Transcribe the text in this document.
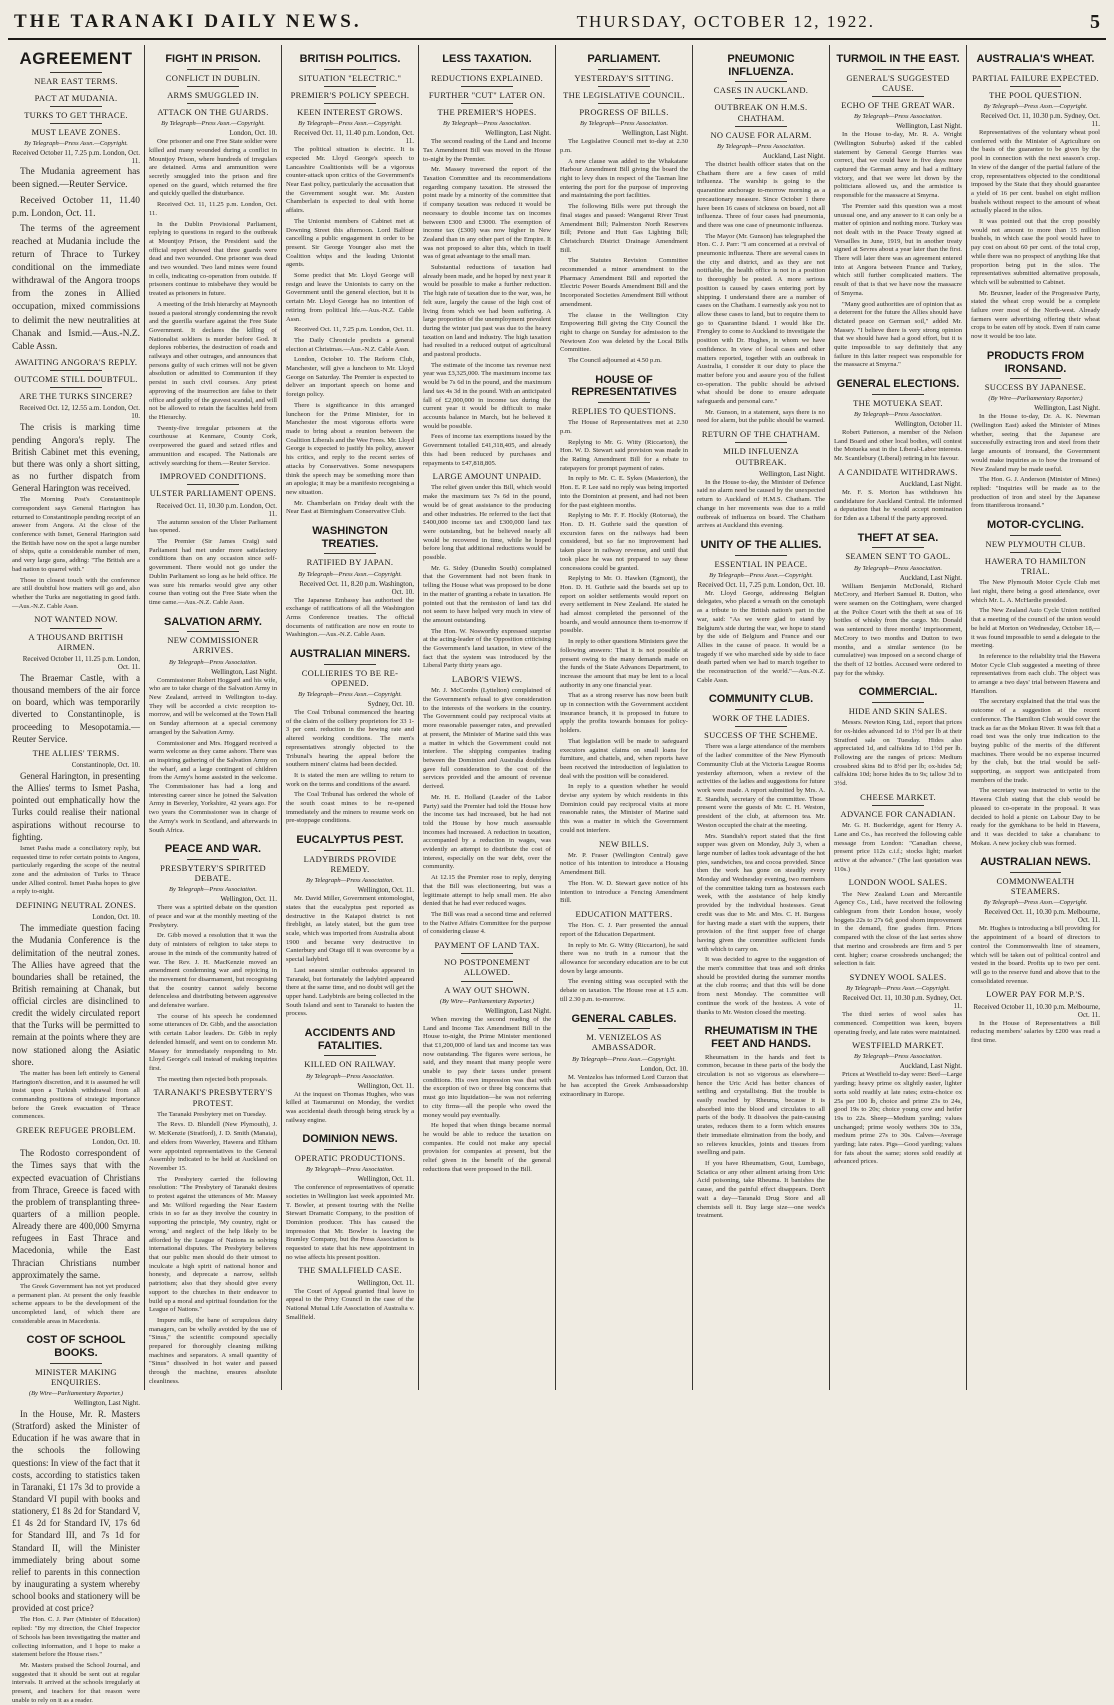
THE TARANAKI DAILY NEWS.	THURSDAY, OCTOBER 12, 1922.	5
AGREEMENT
NEAR EAST TERMS.
PACT AT MUDANIA.
TURKS TO GET THRACE.
MUST LEAVE ZONES.
By Telegraph—Press Assn.—Copyright.
Received October 11, 7.25 p.m. London, Oct. 11.

The Mudania agreement has been signed.—Reuter Service.

Received October 11, 11.40 p.m. London, Oct. 11.

The terms of the agreement reached at Mudania include the return of Thrace to Turkey conditional on the immediate withdrawal of the Angora troops from the zones in Allied occupation, mixed commissions to delimit the new neutralities at Chanak and Ismid.—Aus.-N.Z. Cable Assn.

AWAITING ANGORA'S REPLY.
OUTCOME STILL DOUBTFUL.
ARE THE TURKS SINCERE?
Received Oct. 12, 12.55 a.m. London, Oct. 10.

The crisis is marking time pending Angora's reply. The British Cabinet met this evening, but there was only a short sitting, as no further dispatch from General Harington was received.

The Morning Post's Constantinople correspondent says General Harington has returned to Constantinople pending receipt of an answer from Angora. At the close of the conference with Ismet, General Harington said the British have now on the spot a large number of ships, quite a considerable number of men, and very large guns, adding: "The British are a bad nation to quarrel with."

Those in closest touch with the conference are still doubtful how matters will go and, also whether the Turks are negotiating in good faith.—Aus.-N.Z. Cable Assn.

NOT WANTED NOW.
A THOUSAND BRITISH AIRMEN.
Received October 11, 11.25 p.m. London, Oct. 11.

The Braemar Castle, with a thousand members of the air force on board, which was temporarily diverted to Constantinople, is proceeding to Mesopotamia.—Reuter Service.

THE ALLIES' TERMS.
Constantinople, Oct. 10.

General Harington, in presenting the Allies' terms to Ismet Pasha, pointed out emphatically how the Turks could realise their national aspirations without recourse to fighting.

Ismet Pasha made a conciliatory reply, but requested time to refer certain points to Angora, particularly regarding the scope of the neutral zone and the admission of Turks to Thrace under Allied control. Ismet Pasha hopes to give a reply to-night.

DEFINING NEUTRAL ZONES.
London, Oct. 10.

The immediate question facing the Mudania Conference is the delimitation of the neutral zones. The Allies have agreed that the boundaries shall be retained, the British remaining at Chanak, but official circles are disinclined to credit the widely circulated report that the Turks will be permitted to remain at the points where they are now stationed along the Asiatic shore.

The matter has been left entirely to General Harington's discretion, and it is assumed he will insist upon a Turkish withdrawal from all commanding positions of strategic importance before the Greek evacuation of Thrace commences.

GREEK REFUGEE PROBLEM.
London, Oct. 10.

The Rodosto correspondent of the Times says that with the expected evacuation of Christians from Thrace, Greece is faced with the problem of transplanting three-quarters of a million people. Already there are 400,000 Smyrna refugees in East Thrace and Macedonia, while the East Thracian Christians number approximately the same.

The Greek Government has not yet produced a permanent plan. At present the only feasible scheme appears to be the development of the uncompleted land, of which there are considerable areas in Macedonia.

COST OF SCHOOL BOOKS.
MINISTER MAKING ENQUIRIES.
(By Wire—Parliamentary Reporter.)
Wellington, Last Night.

In the House, Mr. R. Masters (Stratford) asked the Minister of Education if he was aware that in the schools the following questions: In view of the fact that it costs, according to statistics taken in Taranaki, £1 17s 3d to provide a Standard VI pupil with books and stationery, £1 8s 2d for Standard V, £1 4s 2d for Standard IV, 17s 6d for Standard III, and 7s 1d for Standard II, will the Minister immediately bring about some relief to parents in this connection by inaugurating a system whereby school books and stationery will be provided at cost price?

The Hon. C. J. Parr (Minister of Education) replied: "By my direction, the Chief Inspector of Schools has been investigating the matter and collecting information, and I hope to make a statement before the House rises."

Mr. Masters praised the School Journal, and suggested that it should be sent out at regular intervals. It arrived at the schools irregularly at present, and teachers for that reason were unable to rely on it as a reader.

FIGHT IN PRISON.
CONFLICT IN DUBLIN.
ARMS SMUGGLED IN.
ATTACK ON THE GUARDS.
By Telegraph—Press Assn.—Copyright.
London, Oct. 10.

One prisoner and one Free State soldier were killed and many wounded during a conflict in Mountjoy Prison, where hundreds of irregulars are detained. Arms and ammunition were secretly smuggled into the prison and fire opened on the guard, which returned the fire and quickly quelled the disturbance.

Received Oct. 11, 11.25 p.m. London, Oct. 11.

In the Dublin Provisional Parliament, replying to questions in regard to the outbreak at Mountjoy Prison, the President said the official report showed that three guards were dead and two wounded. One prisoner was dead and two wounded. Two land mines were found in cells, indicating co-operation from outside. If prisoners continue to misbehave they would be treated as prisoners in future.

A meeting of the Irish hierarchy at Maynooth issued a pastoral strongly condemning the revolt and the guerilla warfare against the Free State Government. It declares the killing of Nationalist soldiers is murder before God. It deplores robberies, the destruction of roads and railways and other outrages, and announces that persons guilty of such crimes will not be given absolution or admitted to Communion if they persist in such civil courses. Any priest approving of the insurrection are false to their office and guilty of the gravest scandal, and will not be allowed to retain the faculties held from the Hierarchy.

Twenty-five irregular prisoners at the courthouse at Kenmare, County Cork, overpowered the guard and seized rifles and ammunition and escaped. The Nationals are actively searching for them.—Reuter Service.

IMPROVED CONDITIONS.
ULSTER PARLIAMENT OPENS.
Received Oct. 11, 10.30 p.m. London, Oct. 11.

The autumn session of the Ulster Parliament has opened.

The Premier (Sir James Craig) said Parliament had met under more satisfactory conditions than on any occasion since self-government. There would not go under the Dublin Parliament so long as he held office. He was sure his remarks would give any other course than voting out the Free State when the time came.—Aus.-N.Z. Cable Assn.

SALVATION ARMY.
NEW COMMISSIONER ARRIVES.
By Telegraph—Press Association.
Wellington, Last Night.

Commissioner Robert Hoggard and his wife, who are to take charge of the Salvation Army in New Zealand, arrived in Wellington to-day. They will be accorded a civic reception to-morrow, and will be welcomed at the Town Hall on Sunday afternoon at a special ceremony arranged by the Salvation Army.

Commissioner and Mrs. Hoggard received a warm welcome as they came ashore. There was an inspiring gathering of the Salvation Army on the wharf, and a large contingent of children from the Army's home assisted in the welcome. The Commissioner has had a long and interesting career since he joined the Salvation Army in Beverley, Yorkshire, 42 years ago. For two years the Commissioner was in charge of the Army's work in Scotland, and afterwards in South Africa.

PEACE AND WAR.
PRESBYTERY'S SPIRITED DEBATE.
By Telegraph—Press Association.
Wellington, Oct. 11.

There was a spirited debate on the question of peace and war at the monthly meeting of the Presbytery.

Dr. Gibb moved a resolution that it was the duty of ministers of religion to take steps to arouse in the minds of the community hatred of war. The Rev. J. H. MacKenzie moved an amendment condemning war and rejoicing in the movement for disarmament, but recognising that the country cannot safely become defenceless and distributing between aggressive and defensive warfare.

The course of his speech he condemned some utterances of Dr. Gibb, and the association with certain Labor leaders. Dr. Gibb in reply defended himself, and went on to condemn Mr. Massey for immediately responding to Mr. Lloyd George's call instead of making inquiries first.

The meeting then rejected both proposals.

TARANAKI'S PRESBYTERY'S PROTEST.

The Taranaki Presbytery met on Tuesday.

The Revs. D. Blundell (New Plymouth), J. W. McKenzie (Stratford), J. D. Smith (Manaia), and elders from Waverley, Hawera and Eltham were appointed representatives to the General Assembly indicated to be held at Auckland on November 15.

The Presbytery carried the following resolution: "The Presbytery of Taranaki desires to protest against the utterances of Mr. Massey and Mr. Wilford regarding the Near Eastern crisis in so far as they involve the country in supporting the principle, 'My country, right or wrong,' and neglect of the help likely to be afforded by the League of Nations in solving international disputes. The Presbytery believes that our public men should do their utmost to inculcate a high spirit of national honor and honesty, and deprecate a narrow, selfish patriotism; also that they should give every support to the churches in their endeavor to build up a moral and spiritual foundation for the League of Nations."

Impure milk, the bane of scrupulous dairy managers, can be wholly avoided by the use of "Sinus," the scientific compound specially prepared for thoroughly cleaning milking machines and separators. A small quantity of "Sinus" dissolved in hot water and passed through the machine, ensures absolute cleanliness.

BRITISH POLITICS.
SITUATION "ELECTRIC."
PREMIER'S POLICY SPEECH.
KEEN INTEREST GROWS.
By Telegraph—Press Assn.—Copyright.
Received Oct. 11, 11.40 p.m. London, Oct. 11.

The political situation is electric. It is expected Mr. Lloyd George's speech to Lancashire Coalitionists will be a vigorous counter-attack upon critics of the Government's Near East policy, particularly the accusation that the Government sought war. Mr. Austen Chamberlain is expected to deal with home affairs.

The Unionist members of Cabinet met at Downing Street this afternoon. Lord Balfour cancelling a public engagement in order to be present. Sir George Younger also met the Coalition whips and the leading Unionist agents.

Some predict that Mr. Lloyd George will resign and leave the Unionists to carry on the Government until the general election, but it is certain Mr. Lloyd George has no intention of retiring from political life.—Aus.-N.Z. Cable Assn.

Received Oct. 11, 7.25 p.m. London, Oct. 11.

The Daily Chronicle predicts a general election at Christmas.—Aus.-N.Z. Cable Assn.

London, October 10. The Reform Club, Manchester, will give a luncheon to Mr. Lloyd George on Saturday. The Premier is expected to deliver an important speech on home and foreign policy.

There is significance in this arranged luncheon for the Prime Minister, for in Manchester the most vigorous efforts were made to bring about a reunion between the Coalition Liberals and the Wee Frees. Mr. Lloyd George is expected to justify his policy, answer his critics, and reply to the recent series of attacks by Conservatives. Some newspapers think the speech may be something more than an apologia; it may be a manifesto recognising a new situation.

Mr. Chamberlain on Friday dealt with the Near East at Birmingham Conservative Club.

WASHINGTON TREATIES.
RATIFIED BY JAPAN.
By Telegraph—Press Assn.—Copyright.
Received Oct. 11, 8.20 p.m. Washington, Oct. 10.

The Japanese Embassy has authorised the exchange of ratifications of all the Washington Arms Conference treaties. The official documents of ratification are now en route to Washington.—Aus.-N.Z. Cable Assn.

AUSTRALIAN MINERS.
COLLIERIES TO BE RE-OPENED.
By Telegraph—Press Assn.—Copyright.
Sydney, Oct. 10.

The Coal Tribunal commenced the hearing of the claim of the colliery proprietors for 33 1-3 per cent. reduction in the hewing rate and altered working conditions. The men's representatives strongly objected to the Tribunal's hearing the appeal before the southern miners' claims had been decided.

It is stated the men are willing to return to work on the terms and conditions of the award.

The Coal Tribunal has ordered the whole of the south coast mines to be re-opened immediately and the miners to resume work on pre-stoppage conditions.

EUCALYPTUS PEST.
LADYBIRDS PROVIDE REMEDY.
By Telegraph—Press Association.
Wellington, Oct. 11.

Mr. David Miller, Government entomologist, states that the eucalyptus pest reported as destructive in the Kaiapoi district is not fireblight, as lately stated, but the gum tree scale, which was imported from Australia about 1900 and became very destructive in Canterbury and Otago till it was overcome by a special ladybird.

Last season similar outbreaks appeared in Taranaki, but fortunately the ladybird appeared there at the same time, and no doubt will get the upper hand. Ladybirds are being collected in the South Island and sent to Taranaki to hasten the process.

ACCIDENTS AND FATALITIES.
KILLED ON RAILWAY.
By Telegraph—Press Association.
Wellington, Oct. 11.

At the inquest on Thomas Hughes, who was killed at Taumarunui on Monday, the verdict was accidental death through being struck by a railway engine.

DOMINION NEWS.
OPERATIC PRODUCTIONS.
By Telegraph—Press Association.
Wellington, Oct. 11.

The conference of representatives of operatic societies in Wellington last week appointed Mr. T. Bowler, at present touring with the Nellie Stewart Dramatic Company, to the position of Dominion producer. This has caused the impression that Mr. Bowler is leaving the Bramley Company, but the Press Association is requested to state that his new appointment in no wise affects his present position.

THE SMALLFIELD CASE.
Wellington, Oct. 11.

The Court of Appeal granted final leave to appeal to the Privy Council in the case of the National Mutual Life Association of Australia v. Smallfield.

LESS TAXATION.
REDUCTIONS EXPLAINED.
FURTHER "CUT" LATER ON.
THE PREMIER'S HOPES.
By Telegraph—Press Association.
Wellington, Last Night.

The second reading of the Land and Income Tax Amendment Bill was moved in the House to-night by the Premier.

Mr. Massey traversed the report of the Taxation Committee and its recommendations regarding company taxation. He stressed the point made by a minority of the committee that if company taxation was reduced it would be necessary to double income tax on incomes between £300 and £3000. The exemption of income tax (£300) was now higher in New Zealand than in any other part of the Empire. It was not proposed to alter this, which in itself was of great advantage to the small man.

Substantial reductions of taxation had already been made, and he hoped by next year it would be possible to make a further reduction. The high rate of taxation due to the war, was, he felt sure, largely the cause of the high cost of living from which we had been suffering. A large proportion of the unemployment prevalent during the winter just past was due to the heavy taxation on land and industry. The high taxation had resulted in a reduced output of agricultural and pastoral products.

The estimate of the income tax revenue next year was £3,325,000. The maximum income tax would be 7s 6d in the pound, and the maximum land tax 4s 3d in the pound. With an anticipated fall of £2,000,000 in income tax during the current year it would be difficult to make accounts balance in March, but he believed it would be possible.

Fees of income tax exemptions issued by the Government totalled £41,318,405, and already this had been reduced by purchases and repayments to £47,818,805.

LARGE AMOUNT UNPAID.

The relief given under this Bill, which would make the maximum tax 7s 6d in the pound, would be of great assistance to the producing and other industries. He referred to the fact that £400,000 income tax and £300,000 land tax were outstanding, but he believed nearly all would be recovered in time, while he hoped before long that additional reductions would be possible.

Mr. G. Sidey (Dunedin South) complained that the Government had not been frank in telling the House what was proposed to be done in the matter of granting a rebate in taxation. He pointed out that the remission of land tax did not seem to have helped very much in view of the amount outstanding.

The Hon. W. Nosworthy expressed surprise at the acting-leader of the Opposition criticising the Government's land taxation, in view of the fact that the system was introduced by the Liberal Party thirty years ago.

LABOR'S VIEWS.

Mr. J. McCombs (Lyttelton) complained of the Government's refusal to give consideration to the interests of the workers in the country. The Government could pay reciprocal visits at more reasonable passenger rates, and prevailed at present, the Minister of Marine said this was a matter in which the Government could not interfere. The shipping companies trading between the Dominion and Australia doubtless gave full consideration to the cost of the services provided and the amount of revenue derived.

Mr. H. E. Holland (Leader of the Labor Party) said the Premier had told the House how the income tax had increased, but he had not told the House by how much assessable incomes had increased. A reduction in taxation, accompanied by a reduction in wages, was evidently an attempt to distribute the cost of interest, especially on the war debt, over the community.

At 12.15 the Premier rose to reply, denying that the Bill was electioneering, but was a legitimate attempt to help small men. He also denied that he had ever reduced wages.

The Bill was read a second time and referred to the Native Affairs Committee for the purpose of considering clause 4.

PAYMENT OF LAND TAX.
NO POSTPONEMENT ALLOWED.
A WAY OUT SHOWN.
(By Wire—Parliamentary Reporter.)
Wellington, Last Night.

When moving the second reading of the Land and Income Tax Amendment Bill in the House to-night, the Prime Minister mentioned that £1,200,000 of land tax and income tax was now outstanding. The figures were serious, he said, and they meant that many people were unable to pay their taxes under present conditions. His own impression was that with the exception of two or three big concerns that must go into liquidation—he was not referring to city firms—all the people who owed the money would pay eventually.

He hoped that when things became normal he would be able to reduce the taxation on companies. He could not make any special provision for companies at present, but the relief given in the benefit of the general reductions that were proposed in the Bill.

PARLIAMENT.
YESTERDAY'S SITTING.
THE LEGISLATIVE COUNCIL.
PROGRESS OF BILLS.
By Telegraph—Press Association.
Wellington, Last Night.

The Legislative Council met to-day at 2.30 p.m.

A new clause was added to the Whakatane Harbour Amendment Bill giving the board the right to levy dues in respect of the Tasman line entering the port for the purpose of improving and maintaining the port facilities.

The following Bills were put through the final stages and passed: Wanganui River Trust Amendment Bill; Palmerston North Reserves Bill; Petone and Hutt Gas Lighting Bill; Christchurch District Drainage Amendment Bill.

The Statutes Revision Committee recommended a minor amendment to the Pharmacy Amendment Bill and reported the Electric Power Boards Amendment Bill and the Incorporated Societies Amendment Bill without amendment.

The clause in the Wellington City Empowering Bill giving the City Council the right to charge on Sunday for admission to the Newtown Zoo was deleted by the Local Bills Committee.

The Council adjourned at 4.50 p.m.

HOUSE OF REPRESENTATIVES
REPLIES TO QUESTIONS.

The House of Representatives met at 2.30 p.m.

Replying to Mr. G. Witty (Riccarton), the Hon. W. D. Stewart said provision was made in the Rating Amendment Bill for a rebate to ratepayers for prompt payment of rates.

In reply to Mr. C. E. Sykes (Masterton), the Hon. E. P. Lee said no reply was being imported into the Dominion at present, and had not been for the past eighteen months.

Replying to Mr. F. F. Hockly (Rotorua), the Hon. D. H. Guthrie said the question of excursion fares on the railways had been considered, but so far no improvement had taken place in railway revenue, and until that took place he was not prepared to say these concessions could be granted.

Replying to Mr. O. Hawken (Egmont), the Hon. D. H. Guthrie said the boards set up to report on soldier settlements would report on every settlement in New Zealand. He stated he had almost completed the personnel of the boards, and would announce them to-morrow if possible.

In reply to other questions Ministers gave the following answers: That it is not possible at present owing to the many demands made on the funds of the State Advances Department, to increase the amount that may be lent to a local authority in any one financial year.

That as a strong reserve has now been built up in connection with the Government accident insurance branch, it is proposed in future to apply the profits towards bonuses for policy-holders.

That legislation will be made to safeguard executors against claims on small loans for furniture, and chattels, and, when reports have been received the introduction of legislation to deal with the position will be considered.

In reply to a question whether he would devise any system by which residents in this Dominion could pay reciprocal visits at more reasonable rates, the Minister of Marine said this was a matter in which the Government could not interfere.

NEW BILLS.

Mr. P. Fraser (Wellington Central) gave notice of his intention to introduce a Housing Amendment Bill.

The Hon. W. D. Stewart gave notice of his intention to introduce a Fencing Amendment Bill.

EDUCATION MATTERS.

The Hon. C. J. Parr presented the annual report of the Education Department.

In reply to Mr. G. Witty (Riccarton), he said there was no truth in a rumour that the allowance for secondary education are to be cut down by large amounts.

The evening sitting was occupied with the debate on taxation. The House rose at 1.5 a.m. till 2.30 p.m. to-morrow.

GENERAL CABLES.
M. VENIZELOS AS AMBASSADOR.
By Telegraph—Press Assn.—Copyright.
London, Oct. 10.

M. Venizelos has informed Lord Curzon that he has accepted the Greek Ambassadorship extraordinary in Europe.

PNEUMONIC INFLUENZA.
CASES IN AUCKLAND.
OUTBREAK ON H.M.S. CHATHAM.
NO CAUSE FOR ALARM.
By Telegraph—Press Association.
Auckland, Last Night.

The district health officer states that on the Chatham there are a few cases of mild influenza. The warship is going to the quarantine anchorage to-morrow morning as a precautionary measure. Since October 1 there have been 16 cases of sickness on board, not all influenza. Three of four cases had pneumonia, and there was one case of pneumonic influenza.

The Mayor (Mr. Gunson) has telegraphed the Hon. C. J. Parr: "I am concerned at a revival of pneumonic influenza. There are several cases in the city and district, and as they are not notifiable, the health office is not in a position to thoroughly be posted. A more serious position is caused by cases entering port by shipping. I understand there are a number of cases on the Chatham. I earnestly ask you not to allow these cases to land, but to require them to go to Quarantine Island. I would like Dr. Frengley to come to Auckland to investigate the position with Dr. Hughes, in whom we have confidence. In view of local cases and other matters reported, together with an outbreak in Australia, I consider it our duty to place the matter before you and assure you of the fullest co-operation. The public should be advised what should be done to ensure adequate safeguards and personal care."

Mr. Gunson, in a statement, says there is no need for alarm, but the public should be warned.

RETURN OF THE CHATHAM.
MILD INFLUENZA OUTBREAK.
Wellington, Last Night.

In the House to-day, the Minister of Defence said no alarm need be caused by the unexpected return to Auckland of H.M.S. Chatham. The change in her movements was due to a mild outbreak of influenza on board. The Chatham arrives at Auckland this evening.

UNITY OF THE ALLIES.
ESSENTIAL IN PEACE.
By Telegraph—Press Assn.—Copyright.
Received Oct. 11, 7.25 p.m. London, Oct. 10.

Mr. Lloyd George, addressing Belgian delegates, who placed a wreath on the cenotaph as a tribute to the British nation's part in the war, said: "As we were glad to stand by Belgium's side during the war, we hope to stand by the side of Belgium and France and our Allies in the cause of peace. It would be a tragedy if we who marched side by side to face death parted when we had to march together to the reconstruction of the world."—Aus.-N.Z. Cable Assn.

COMMUNITY CLUB.
WORK OF THE LADIES.
SUCCESS OF THE SCHEME.

There was a large attendance of the members of the ladies' committee of the New Plymouth Community Club at the Victoria League Rooms yesterday afternoon, when a review of the activities of the ladies and suggestions for future work were made. A report submitted by Mrs. A. E. Standish, secretary of the committee. Those present were the guests of Mr. C. H. Weston, president of the club, at afternoon tea. Mr. Weston occupied the chair at the meeting.

Mrs. Standish's report stated that the first supper was given on Monday, July 3, when a large number of ladies took advantage of the hot pies, sandwiches, tea and cocoa provided. Since then the work has gone on steadily every Monday and Wednesday evening, two members of the committee taking turn as hostesses each week, with the assistance of help kindly provided by the individual hostesses. Great credit was due to Mr. and Mrs. C. H. Burgess for having made a start with the suppers, their provision of the first supper free of charge having given the committee sufficient funds with which to carry on.

It was decided to agree to the suggestion of the men's committee that teas and soft drinks should be provided during the summer months at the club rooms; and that this will be done from next Monday. The committee will continue the work of the hostess. A vote of thanks to Mr. Weston closed the meeting.

RHEUMATISM IN THE FEET AND HANDS.

Rheumatism in the hands and feet is common, because in these parts of the body the circulation is not so vigorous as elsewhere—hence the Uric Acid has better chances of settling and crystallising. But the trouble is easily reached by Rheuma, because it is absorbed into the blood and circulates to all parts of the body. It dissolves the pain-causing urates, reduces them to a form which ensures their immediate elimination from the body, and so relieves knuckles, joints and tissues from swelling and pain.

If you have Rheumatism, Gout, Lumbago, Sciatica or any other ailment arising from Uric Acid poisoning, take Rheuma. It banishes the cause, and the painful effect disappears. Don't wait a day—Taranaki Drug Store and all chemists sell it. Buy large size—one week's treatment.

TURMOIL IN THE EAST.
GENERAL'S SUGGESTED CAUSE.
ECHO OF THE GREAT WAR.
By Telegraph—Press Association.
Wellington, Last Night.

In the House to-day, Mr. R. A. Wright (Wellington Suburbs) asked if the cabled statement by General George Hurries was correct, that we could have in five days more captured the German army and had a military victory, and that we were let down by the politicians allowed us, and the armistice is responsible for the massacre at Smyrna.

The Premier said this question was a most unusual one, and any answer to it can only be a matter of opinion and nothing more. Turkey was not dealt with in the Peace Treaty signed at Versailles in June, 1919, but in another treaty signed at Sevres about a year later than the first. There will later there was an agreement entered into at Angora between France and Turkey, which still further complicated matters. The result of that is that we have now the massacre of Smyrna.

"Many good authorities are of opinion that as a deterrent for the future the Allies should have dictated peace on German soil," added Mr. Massey. "I believe there is very strong opinion that we should have had a good effort, but it is quite impossible to say definitely that any failure in this latter respect was responsible for the massacre at Smyrna."

GENERAL ELECTIONS.
THE MOTUEKA SEAT.
By Telegraph—Press Association.
Wellington, October 11.

Robert Patterson, a member of the Nelson Land Board and other local bodies, will contest the Motueka seat in the Liberal-Labor interests. Mr. Scantlebury (Liberal) retiring in his favour.

A CANDIDATE WITHDRAWS.
Auckland, Last Night.

Mr. F. S. Morton has withdrawn his candidature for Auckland Central. He informed a deputation that he would accept nomination for Eden as a Liberal if the party approved.

THEFT AT SEA.
SEAMEN SENT TO GAOL.
By Telegraph—Press Association.
Auckland, Last Night.

William Benjamin McDonald, Richard McCrory, and Herbert Samuel R. Dutton, who were seamen on the Cottingham, were charged at the Police Court with the theft at sea of 16 bottles of whisky from the cargo. Mr. Donald was sentenced to three months' imprisonment, McCrory to two months and Dutton to two months, and a similar sentence (to be cumulative) was imposed on a second charge of the theft of 12 bottles. Accused were ordered to pay for the whisky.

COMMERCIAL.
HIDE AND SKIN SALES.

Messrs. Newton King, Ltd., report that prices for ox-hides advanced 1d to 1½d per lb at their Stratford sale on Tuesday. Hides also appreciated 1d, and calfskins 1d to 1½d per lb. Following are the ranges of prices: Medium crossbred skins 8d to 8½d per lb; ox-hides 5d; calfskins 10d; horse hides 8s to 9s; tallow 3d to 3½d.

CHEESE MARKET.
ADVANCE FOR CANADIAN.

Mr. G. H. Buckeridge, agent for Henry A. Lane and Co., has received the following cable message from London: "Canadian cheese, present price 112s c.i.f.; stocks light; market active at the advance." (The last quotation was 110s.)

LONDON WOOL SALES.

The New Zealand Loan and Mercantile Agency Co., Ltd., have received the following cablegram from their London house, wooly hoggets 22s to 27s 6d; good shorn improvement in the demand, fine grades firm. Prices compared with the close of the last series show that merino and crossbreds are firm and 5 per cent. higher; coarse crossbreds unchanged; the selection is fair.

SYDNEY WOOL SALES.
By Telegraph—Press Assn.—Copyright.
Received Oct. 11, 10.30 p.m. Sydney, Oct. 11.

The third series of wool sales has commenced. Competition was keen, buyers operating freely, and late rates were maintained.

WESTFIELD MARKET.
By Telegraph—Press Association.
Auckland, Last Night.

Prices at Westfield to-day were: Beef—Large yarding; heavy prime ox slightly easier, lighter sorts sold readily at late rates; extra-choice ox 25s per 100 lb, choice and prime 23s to 24s, good 19s to 20s; choice young cow and heifer 19s to 22s. Sheep—Medium yarding; values unchanged; prime wooly wethers 30s to 33s, medium prime 27s to 30s. Calves—Average yarding; late rates. Pigs—Good yarding; values for fats about the same; stores sold readily at advanced prices.

AUSTRALIA'S WHEAT.
PARTIAL FAILURE EXPECTED.
THE POOL QUESTION.
By Telegraph—Press Assn.—Copyright.
Received Oct. 11, 10.30 p.m. Sydney, Oct. 11.

Representatives of the voluntary wheat pool conferred with the Minister of Agriculture on the basis of the guarantee to be given by the pool in connection with the next season's crop. In view of the danger of the partial failure of the crop, representatives objected to the conditional imposed by the State that they should guarantee a yield of 16 per cent. bushel on eight million bushels without respect to the amount of wheat actually placed in the silos.

It was pointed out that the crop possibly would not amount to more than 15 million bushels, in which case the pool would have to pay cost on about 60 per cent. of the total crop, while there was no prospect of anything like that proportion being put in the silos. The representatives submitted alternative proposals, which will be submitted to Cabinet.

Mr. Bruxner, leader of the Progressive Party, stated the wheat crop would be a complete failure over most of the North-west. Already farmers were advertising offering their wheat crops to be eaten off by stock. Even if rain came now it would be too late.

PRODUCTS FROM IRONSAND.
SUCCESS BY JAPANESE.
(By Wire—Parliamentary Reporter.)
Wellington, Last Night.

In the House to-day, Dr. A. K. Newman (Wellington East) asked the Minister of Mines whether, seeing that the Japanese are successfully extracting iron and steel from their large amounts of ironsand, the Government would make inquiries as to how the ironsand of New Zealand may be made useful.

The Hon. G. J. Anderson (Minister of Mines) replied: "Inquiries will be made as to the production of iron and steel by the Japanese from titaniferous ironsand."

MOTOR-CYCLING.
NEW PLYMOUTH CLUB.
HAWERA TO HAMILTON TRIAL.

The New Plymouth Motor Cycle Club met last night, there being a good attendance, over which Mr. L. A. McHardie presided.

The New Zealand Auto Cycle Union notified that a meeting of the council of the union would be held at Morton on Wednesday, October 18,—it was found impossible to send a delegate to the meeting.

In reference to the reliability trial the Hawera Motor Cycle Club suggested a meeting of three representatives from each club. The object was to arrange a two days' trial between Hawera and Hamilton.

The secretary explained that the trial was the outcome of a suggestion at the recent conference. The Hamilton Club would cover the track as far as the Mokau River. It was felt that a road test was the only true indication to the buying public of the merits of the different machines. There would be no expense incurred by the club, but the trial would be self-supporting, as support was anticipated from members of the trade.

The secretary was instructed to write to the Hawera Club stating that the club would be pleased to co-operate in the proposal. It was decided to hold a picnic on Labour Day to be ready for the gymkhana to be held in Hawera, and it was decided to take a charabanc to Mokau. A new jockey club was formed.

AUSTRALIAN NEWS.
COMMONWEALTH STEAMERS.
By Telegraph—Press Assn.—Copyright.
Received Oct. 11, 10.30 p.m. Melbourne, Oct. 11.

Mr. Hughes is introducing a bill providing for the appointment of a board of directors to control the Commonwealth line of steamers, which will be taken out of political control and vested in the board. Profits up to two per cent. will go to the reserve fund and above that to the consolidated revenue.

LOWER PAY FOR M.P.'S.
Received October 11, 10.30 p.m. Melbourne, Oct. 11.

In the House of Representatives a Bill reducing members' salaries by £200 was read a first time.
